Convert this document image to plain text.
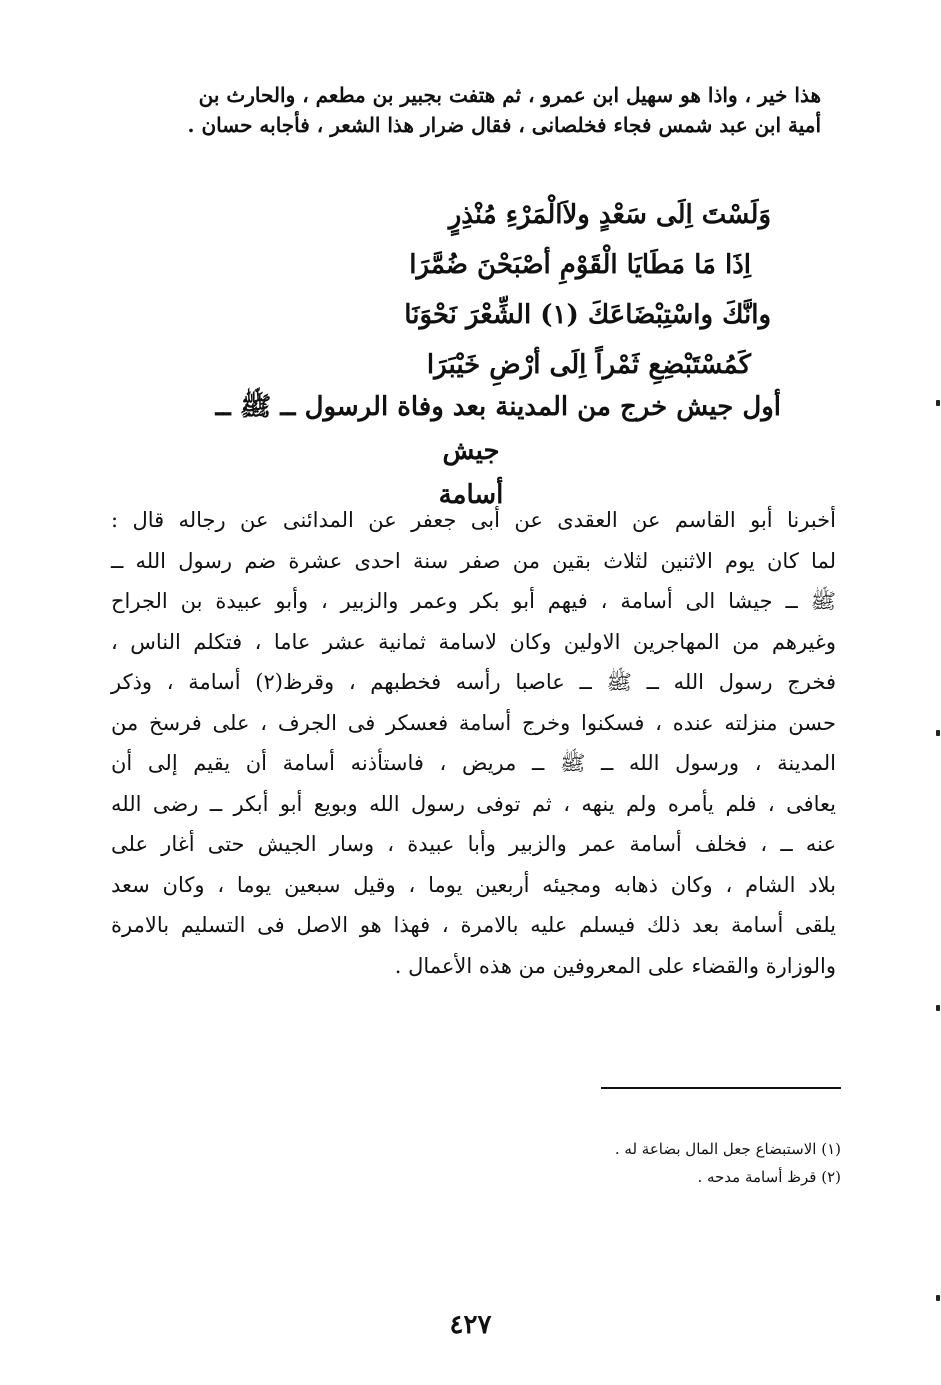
هذا خير ، واذا هو سهيل ابن عمرو ، ثم هتفت بجبير بن مطعم ، والحارث بن
أمية ابن عبد شمس فجاء فخلصانى ، فقال ضرار هذا الشعر ، فأجابه حسان .

وَلَسْتَ اِلَى سَعْدٍ ولاَالْمَرْءِ مُنْذِرٍ
اِذَا مَا مَطَايَا الْقَوْمِ أصْبَحْنَ ضُمَّرَا
وانَّكَ واسْتِبْضَاعَكَ (١) الشِّعْرَ نَحْوَنَا
كَمُسْتَبْضِعِ ثَمْراً اِلَى أرْضِ خَيْبَرَا
أول جيش خرج من المدينة بعد وفاة الرسول ــ ﷺ ــ جيش
أسامة

أخبرنا أبو القاسم عن العقدى عن أبى جعفر عن المدائنى عن رجاله قال :
لما كان يوم الاثنين لثلاث بقين من صفر سنة احدى عشرة ضم رسول الله ــ
ﷺ ــ جيشا الى أسامة ، فيهم أبو بكر وعمر والزبير ، وأبو عبيدة بن الجراح
وغيرهم من المهاجرين الاولين وكان لاسامة ثمانية عشر عاما ، فتكلم الناس ،
فخرج رسول الله ــ ﷺ ــ عاصبا رأسه فخطبهم ، وقرظ(٢) أسامة ، وذكر
حسن منزلته عنده ، فسكنوا وخرج أسامة فعسكر فى الجرف ، على فرسخ من
المدينة ، ورسول الله ــ ﷺ ــ مريض ، فاستأذنه أسامة أن يقيم إلى أن
يعافى ، فلم يأمره ولم ينهه ، ثم توفى رسول الله وبويع أبو أبكر ــ رضى الله
عنه ــ ، فخلف أسامة عمر والزبير وأبا عبيدة ، وسار الجيش حتى أغار على
بلاد الشام ، وكان ذهابه ومجيئه أربعين يوما ، وقيل سبعين يوما ، وكان سعد
يلقى أسامة بعد ذلك فيسلم عليه بالامرة ، فهذا هو الاصل فى التسليم بالامرة
والوزارة والقضاء على المعروفين من هذه الأعمال .

(١) الاستبضاع جعل المال بضاعة له .
(٢) قرظ أسامة مدحه .
٤٢٧
